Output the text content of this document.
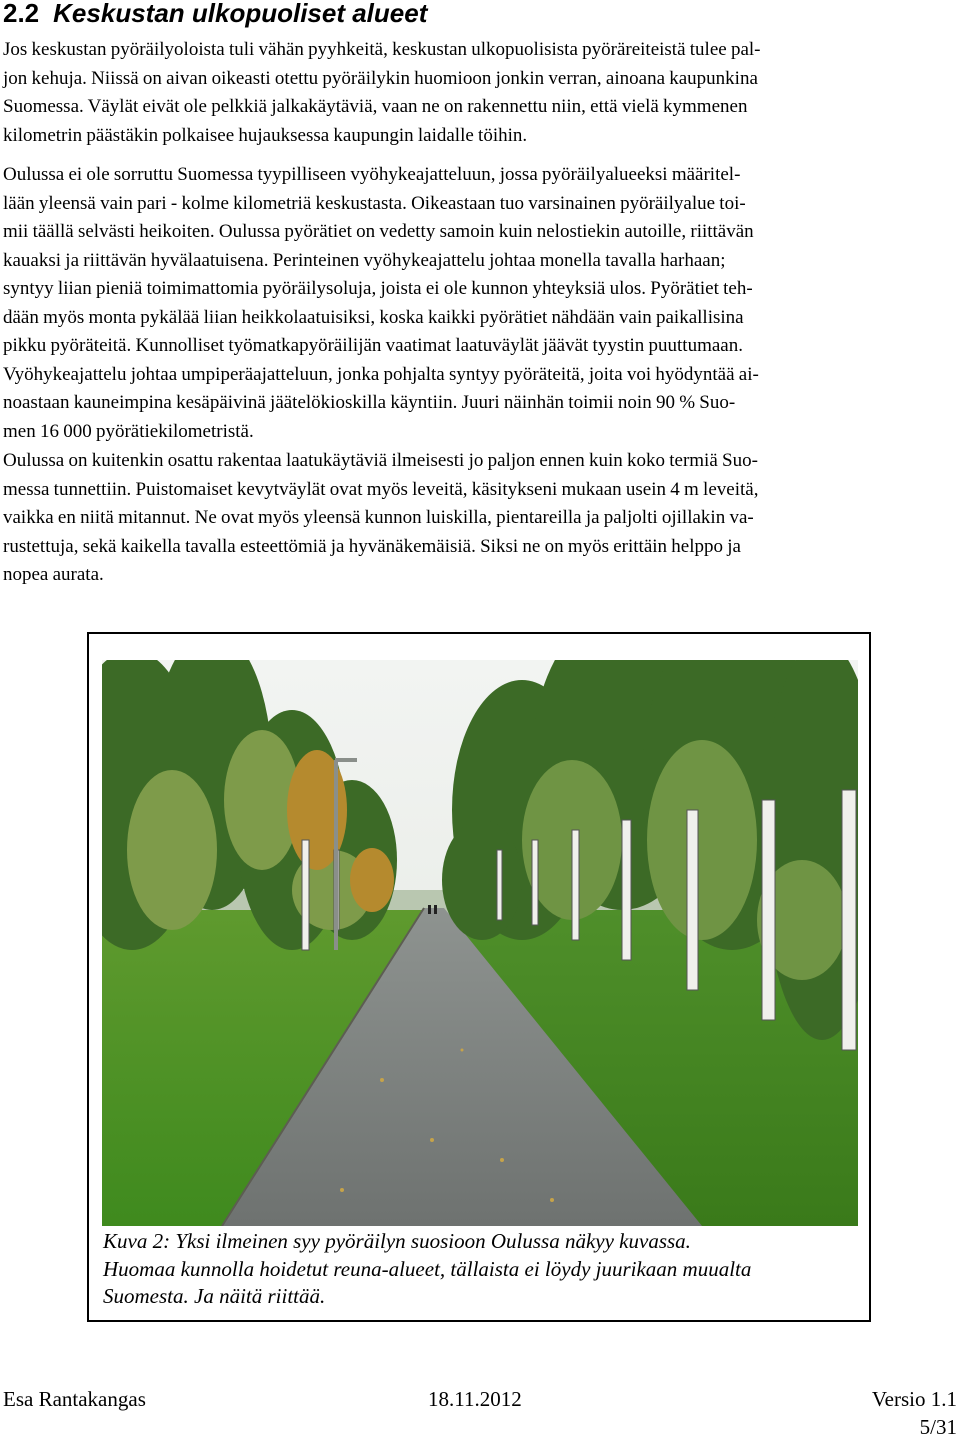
2.2 Keskustan ulkopuoliset alueet

Jos keskustan pyöräilyoloista tuli vähän pyyhkeitä, keskustan ulkopuolisista pyöräreiteistä tulee pal-
jon kehuja. Niissä on aivan oikeasti otettu pyöräilykin huomioon jonkin verran, ainoana kaupunkina
Suomessa. Väylät eivät ole pelkkiä jalkakäytäviä, vaan ne on rakennettu niin, että vielä kymmenen
kilometrin päästäkin polkaisee hujauksessa kaupungin laidalle töihin.

Oulussa ei ole sorruttu Suomessa tyypilliseen vyöhykeajatteluun, jossa pyöräilyalueeksi määritel-
lään yleensä vain pari - kolme kilometriä keskustasta. Oikeastaan tuo varsinainen pyöräilyalue toi-
mii täällä selvästi heikoiten. Oulussa pyörätiet on vedetty samoin kuin nelostiekin autoille, riittävän
kauaksi ja riittävän hyvälaatuisena. Perinteinen vyöhykeajattelu johtaa monella tavalla harhaan;
syntyy liian pieniä toimimattomia pyöräilysoluja, joista ei ole kunnon yhteyksiä ulos. Pyörätiet teh-
dään myös monta pykälää liian heikkolaatuisiksi, koska kaikki pyörätiet nähdään vain paikallisina
pikku pyöräteitä. Kunnolliset työmatkapyöräilijän vaatimat laatuväylät jäävät tyystin puuttumaan.
Vyöhykeajattelu johtaa umpiperäajatteluun, jonka pohjalta syntyy pyöräteitä, joita voi hyödyntää ai-
noastaan kauneimpina kesäpäivinä jäätelökioskilla käyntiin. Juuri näinhän toimii noin 90 % Suo-
men 16 000 pyörätiekilometristä.

Oulussa on kuitenkin osattu rakentaa laatukäytäviä ilmeisesti jo paljon ennen kuin koko termiä Suo-
messa tunnettiin. Puistomaiset kevytväylät ovat myös leveitä, käsitykseni mukaan usein 4 m leveitä,
vaikka en niitä mitannut. Ne ovat myös yleensä kunnon luiskilla, pientareilla ja paljolti ojillakin va-
rustettuja, sekä kaikella tavalla esteettömiä ja hyvänäkemäisiä. Siksi ne on myös erittäin helppo ja
nopea aurata.

Kuva 2: Yksi ilmeinen syy pyöräilyn suosioon Oulussa näkyy kuvassa.
Huomaa kunnolla hoidetut reuna-alueet, tällaista ei löydy juurikaan muualta
Suomesta. Ja näitä riittää.

Esa Rantakangas	18.11.2012	Versio 1.1
5/31
